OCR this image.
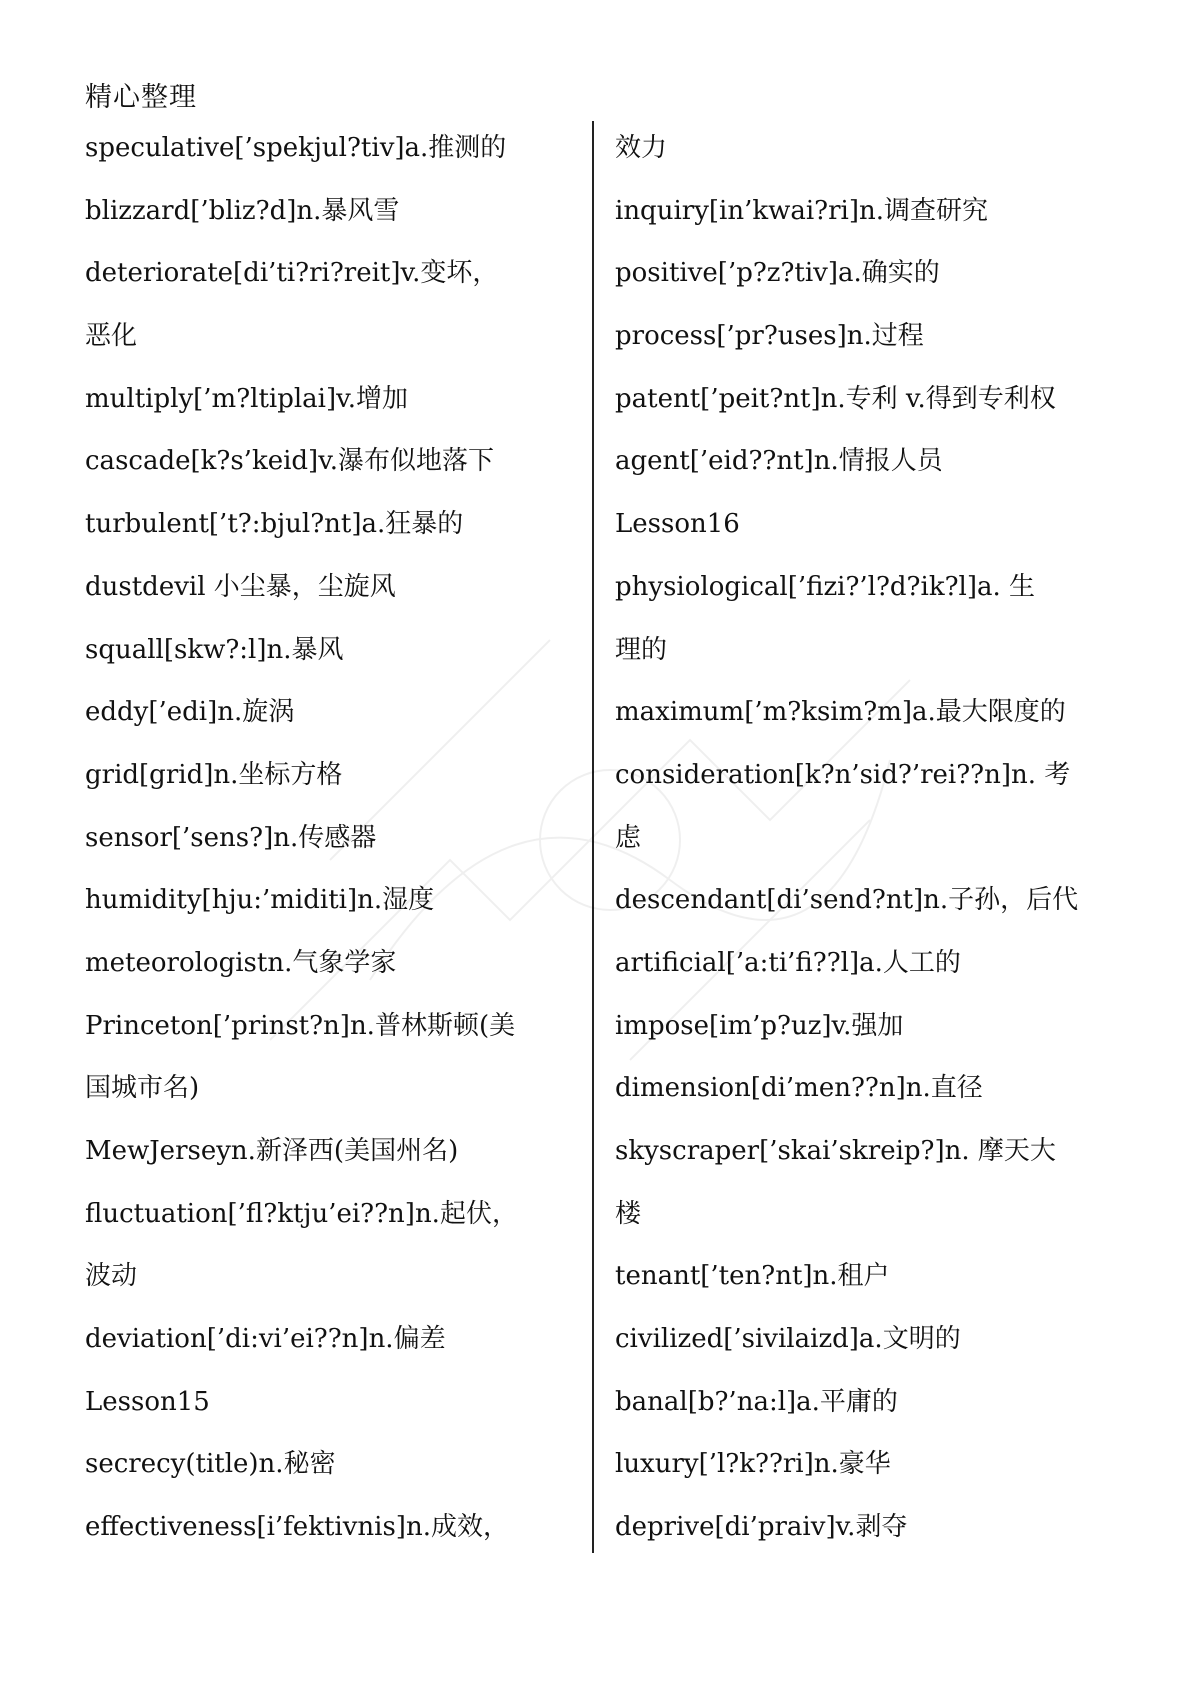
精心整理
speculative[’spekjul?tiv]a.推测的
blizzard[’bliz?d]n.暴风雪
deteriorate[di’ti?ri?reit]v.变坏，
恶化
multiply[’m?ltiplai]v.增加
cascade[k?s’keid]v.瀑布似地落下
turbulent[’t?:bjul?nt]a.狂暴的
dustdevil 小尘暴，尘旋风
squall[skw?:l]n.暴风
eddy[’edi]n.旋涡
grid[grid]n.坐标方格
sensor[’sens?]n.传感器
humidity[hju:’miditi]n.湿度
meteorologistn.气象学家
Princeton[’prinst?n]n.普林斯顿(美
国城市名)
MewJerseyn.新泽西(美国州名)
fluctuation[’fl?ktju’ei??n]n.起伏，
波动
deviation[’di:vi’ei??n]n.偏差
Lesson15
secrecy(title)n.秘密
effectiveness[i’fektivnis]n.成效，
效力
inquiry[in’kwai?ri]n.调查研究
positive[’p?z?tiv]a.确实的
process[’pr?uses]n.过程
patent[’peit?nt]n.专利 v.得到专利权
agent[’eid??nt]n.情报人员
Lesson16
physiological[’fizi?’l?d?ik?l]a. 生
理的
maximum[’m?ksim?m]a.最大限度的
consideration[k?n’sid?’rei??n]n. 考
虑
descendant[di’send?nt]n.子孙，后代
artificial[’a:ti’fi??l]a.人工的
impose[im’p?uz]v.强加
dimension[di’men??n]n.直径
skyscraper[’skai’skreip?]n. 摩天大
楼
tenant[’ten?nt]n.租户
civilized[’sivilaizd]a.文明的
banal[b?’na:l]a.平庸的
luxury[’l?k??ri]n.豪华
deprive[di’praiv]v.剥夺
